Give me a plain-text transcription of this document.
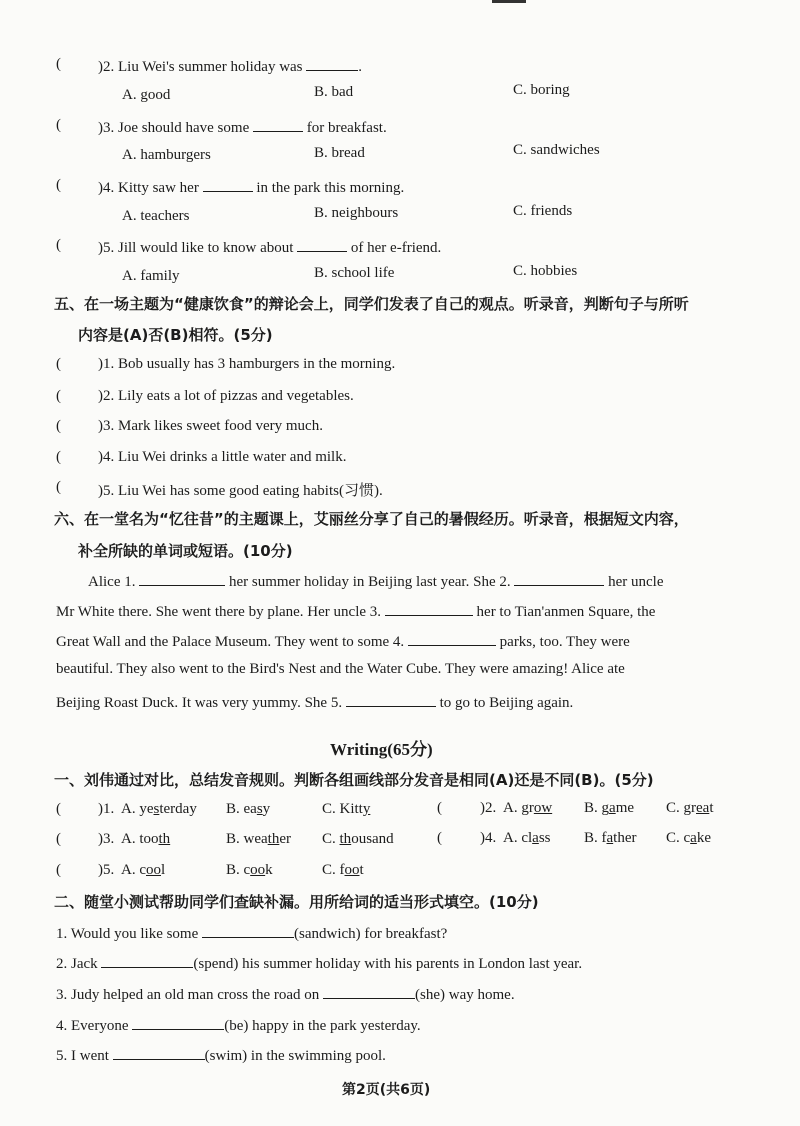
( )2. Liu Wei's summer holiday was	.
A. good	B. bad	C. boring
( )3. Joe should have some	for breakfast.
A. hamburgers	B. bread	C. sandwiches
( )4. Kitty saw her	in the park this morning.
A. teachers	B. neighbours	C. friends
( )5. Jill would like to know about	of her e-friend.
A. family	B. school life	C. hobbies
五、在一场主题为“健康饮食”的辩论会上，同学们发表了自己的观点。听录音，判断句子与所听
内容是(A)否(B)相符。(5分)
( )1. Bob usually has 3 hamburgers in the morning.
( )2. Lily eats a lot of pizzas and vegetables.
( )3. Mark likes sweet food very much.
( )4. Liu Wei drinks a little water and milk.
( )5. Liu Wei has some good eating habits(习惯).
六、在一堂名为“忆往昔”的主题课上，艾丽丝分享了自己的暑假经历。听录音，根据短文内容，
补全所缺的单词或短语。(10分)
Alice 1.	her summer holiday in Beijing last year. She 2.	her uncle
Mr White there. She went there by plane. Her uncle 3.	her to Tian'anmen Square, the
Great Wall and the Palace Museum. They went to some 4.	parks, too. They were
beautiful. They also went to the Bird's Nest and the Water Cube. They were amazing! Alice ate
Beijing Roast Duck. It was very yummy. She 5.	to go to Beijing again.
Writing(65分)
一、刘伟通过对比，总结发音规则。判断各组画线部分发音是相同(A)还是不同(B)。(5分)
( )1. A. yesterday B. easy	C. Kitty	(	)2. A. grow B. game C. great
( )3. A. tooth	B. weather C. thousand	(	)4. A. class B. father C. cake
( )5. A. cool	B. cook	C. foot
二、随堂小测试帮助同学们查缺补漏。用所给词的适当形式填空。(10分)
1. Would you like some	(sandwich) for breakfast?
2. Jack	(spend) his summer holiday with his parents in London last year.
3. Judy helped an old man cross the road on	(she) way home.
4. Everyone	(be) happy in the park yesterday.
5. I went	(swim) in the swimming pool.
第2页(共6页)
